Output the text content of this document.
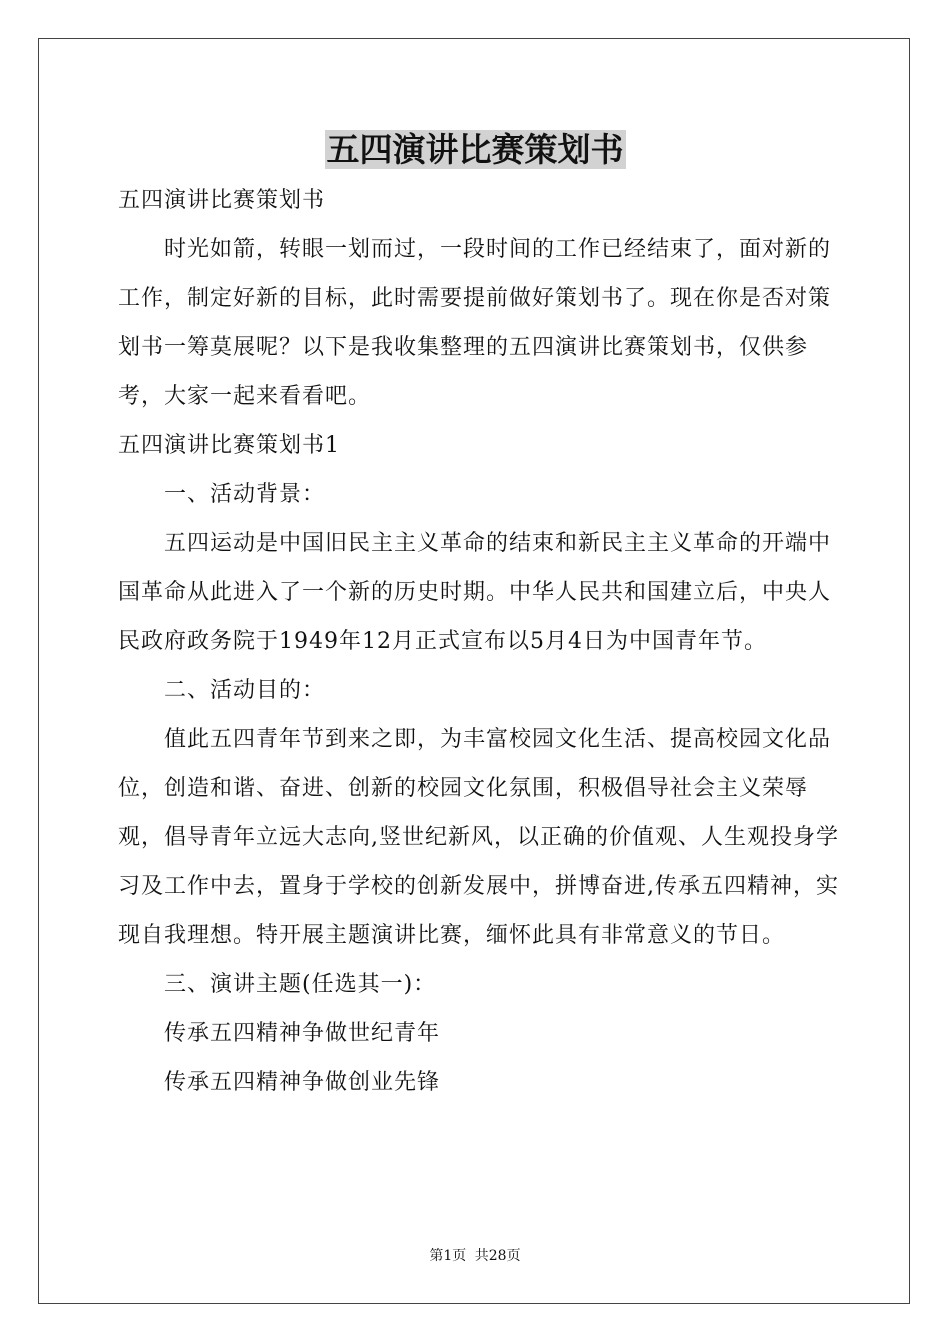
五四演讲比赛策划书

五四演讲比赛策划书

时光如箭，转眼一划而过，一段时间的工作已经结束了，面对新的工作，制定好新的目标，此时需要提前做好策划书了。现在你是否对策划书一筹莫展呢？以下是我收集整理的五四演讲比赛策划书，仅供参考，大家一起来看看吧。

五四演讲比赛策划书1

一、活动背景：

五四运动是中国旧民主主义革命的结束和新民主主义革命的开端中国革命从此进入了一个新的历史时期。中华人民共和国建立后，中央人民政府政务院于1949年12月正式宣布以5月4日为中国青年节。

二、活动目的：

值此五四青年节到来之即，为丰富校园文化生活、提高校园文化品位，创造和谐、奋进、创新的校园文化氛围，积极倡导社会主义荣辱观，倡导青年立远大志向,竖世纪新风，以正确的价值观、人生观投身学习及工作中去，置身于学校的创新发展中，拼博奋进,传承五四精神，实现自我理想。特开展主题演讲比赛，缅怀此具有非常意义的节日。

三、演讲主题(任选其一)：

传承五四精神争做世纪青年

传承五四精神争做创业先锋

第1页 共28页
